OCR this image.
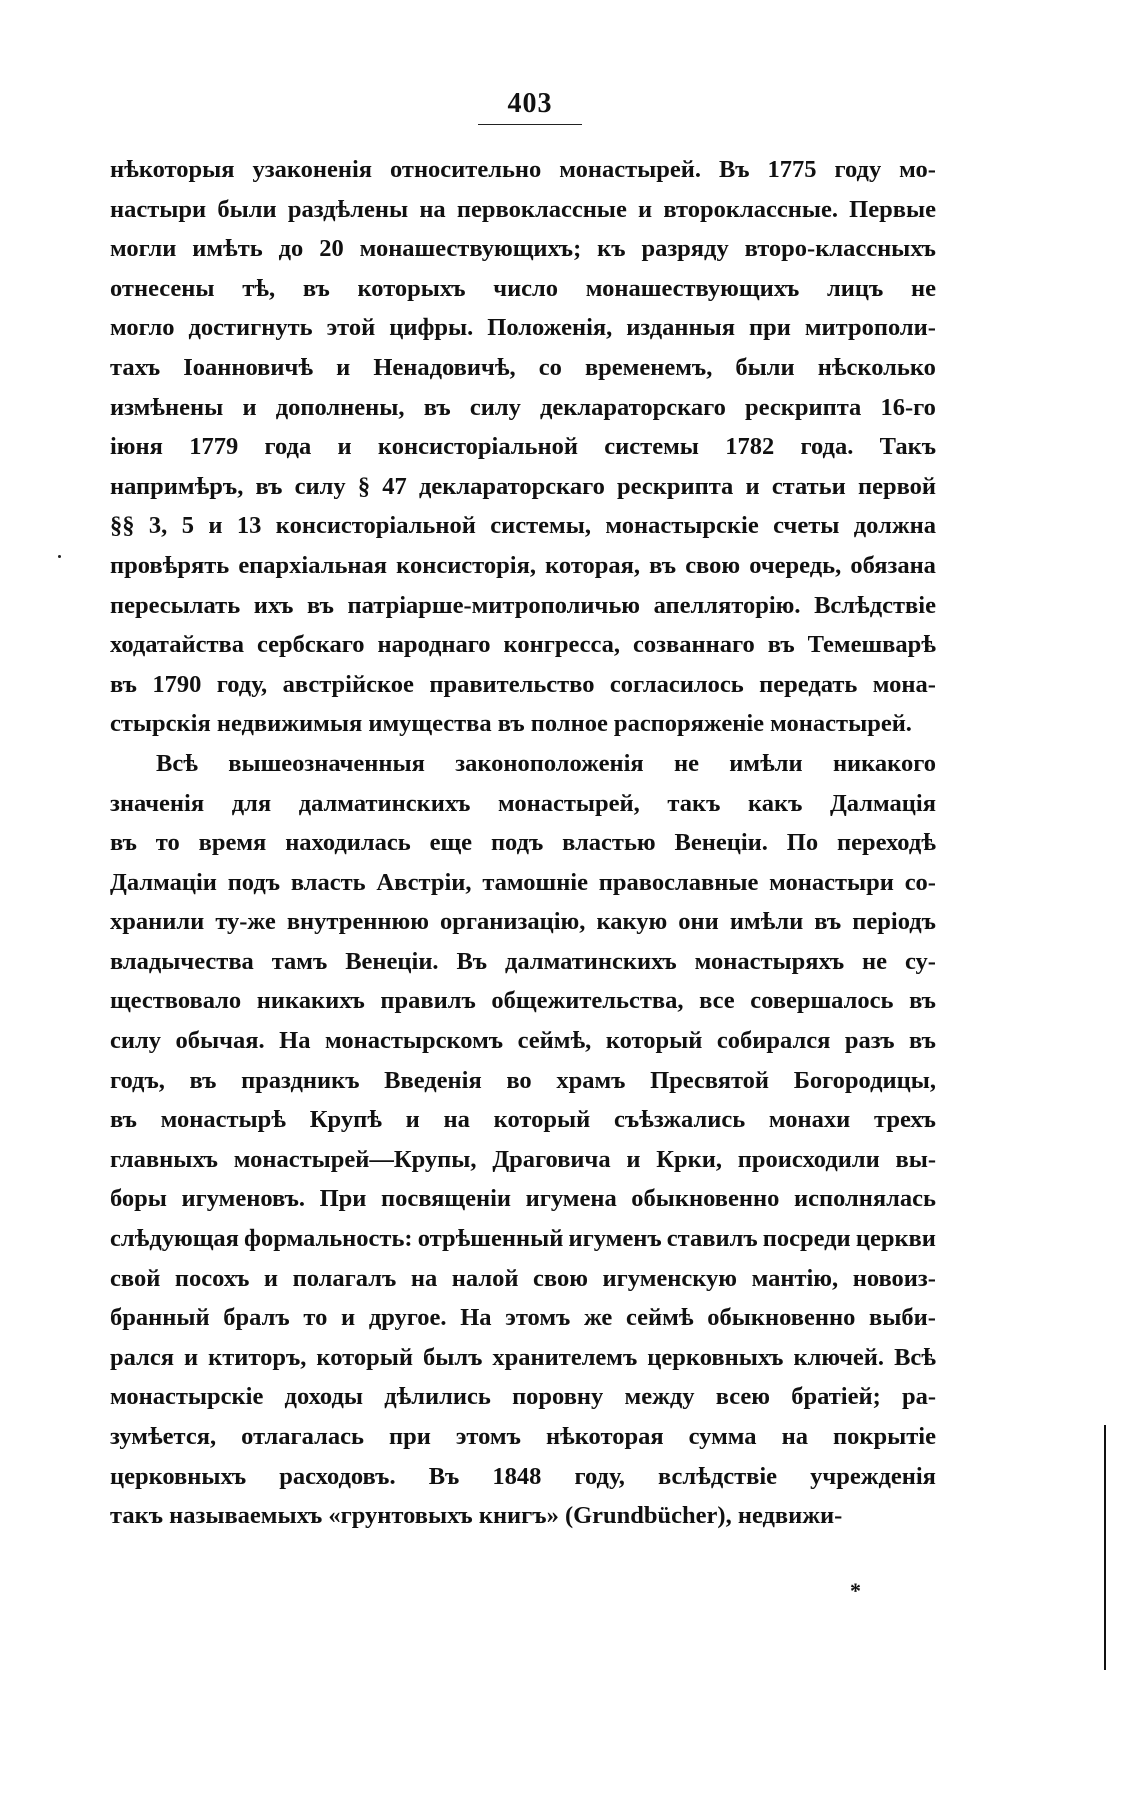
403
нѣкоторыя узаконенія относительно монастырей. Въ 1775 году мо-
настыри были раздѣлены на первоклассные и второклассные. Первые
могли имѣть до 20 монашествующихъ; къ разряду второ-классныхъ
отнесены тѣ, въ которыхъ число монашествующихъ лицъ не
могло достигнуть этой цифры. Положенія, изданныя при митрополи-
тахъ Іоанновичѣ и Ненадовичѣ, со временемъ, были нѣсколько
измѣнены и дополнены, въ силу деклараторскаго рескрипта 16-го
іюня 1779 года и консисторіальной системы 1782 года. Такъ
напримѣръ, въ силу § 47 деклараторскаго рескрипта и статьи первой
§§ 3, 5 и 13 консисторіальной системы, монастырскіе счеты должна
провѣрять епархіальная консисторія, которая, въ свою очередь, обязана
пересылать ихъ въ патріарше-митрополичью апелляторію. Вслѣдствіе
ходатайства сербскаго народнаго конгресса, созваннаго въ Темешварѣ
въ 1790 году, австрійское правительство согласилось передать мона-
стырскія недвижимыя имущества въ полное распоряженіе монастырей.
Всѣ вышеозначенныя законоположенія не имѣли никакого
значенія для далматинскихъ монастырей, такъ какъ Далмація
въ то время находилась еще подъ властью Венеціи. По переходѣ
Далмаціи подъ власть Австріи, тамошніе православные монастыри со-
хранили ту-же внутреннюю организацію, какую они имѣли въ періодъ
владычества тамъ Венеціи. Въ далматинскихъ монастыряхъ не су-
ществовало никакихъ правилъ общежительства, все совершалось въ
силу обычая. На монастырскомъ сеймѣ, который собирался разъ въ
годъ, въ праздникъ Введенія во храмъ Пресвятой Богородицы,
въ монастырѣ Крупѣ и на который съѣзжались монахи трехъ
главныхъ монастырей—Крупы, Драговича и Крки, происходили вы-
боры игуменовъ. При посвященіи игумена обыкновенно исполнялась
слѣдующая формальность: отрѣшенный игуменъ ставилъ посреди церкви
свой посохъ и полагалъ на налой свою игуменскую мантію, новоиз-
бранный бралъ то и другое. На этомъ же сеймѣ обыкновенно выби-
рался и ктиторъ, который былъ хранителемъ церковныхъ ключей. Всѣ
монастырскіе доходы дѣлились поровну между всею братіей; ра-
зумѣется, отлагалась при этомъ нѣкоторая сумма на покрытіе
церковныхъ расходовъ. Въ 1848 году, вслѣдствіе учрежденія
такъ называемыхъ «грунтовыхъ книгъ» (Grundbücher), недвижи-
*
